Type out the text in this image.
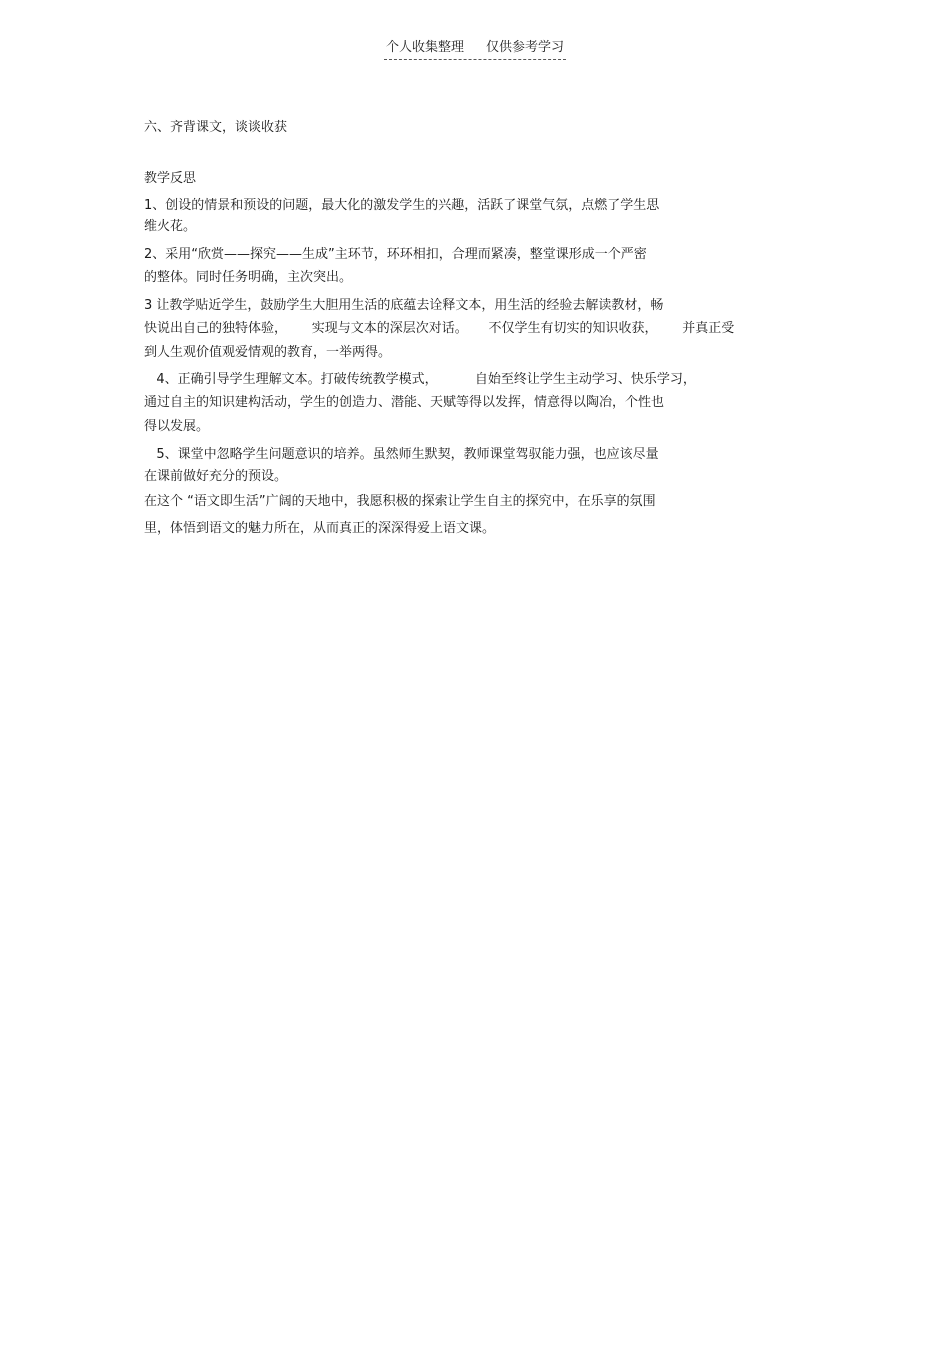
个人收集整理 仅供参考学习
六、齐背课文，谈谈收获
教学反思
1、创设的情景和预设的问题，最大化的激发学生的兴趣，活跃了课堂气氛，点燃了学生思
维火花。
2、采用“欣赏——探究——生成”主环节，环环相扣，合理而紧凑，整堂课形成一个严密
的整体。同时任务明确，主次突出。
3 让教学贴近学生，鼓励学生大胆用生活的底蕴去诠释文本，用生活的经验去解读教材，畅
快说出自己的独特体验，      实现与文本的深层次对话。     不仅学生有切实的知识收获，      并真正受
到人生观价值观爱情观的教育，一举两得。
4、正确引导学生理解文本。打破传统教学模式，         自始至终让学生主动学习、快乐学习，
通过自主的知识建构活动，学生的创造力、潜能、天赋等得以发挥，情意得以陶冶，个性也
得以发展。
5、课堂中忽略学生问题意识的培养。虽然师生默契，教师课堂驾驭能力强，也应该尽量
在课前做好充分的预设。
在这个 “语文即生活”广阔的天地中，我愿积极的探索让学生自主的探究中，在乐享的氛围
里，体悟到语文的魅力所在，从而真正的深深得爱上语文课。
